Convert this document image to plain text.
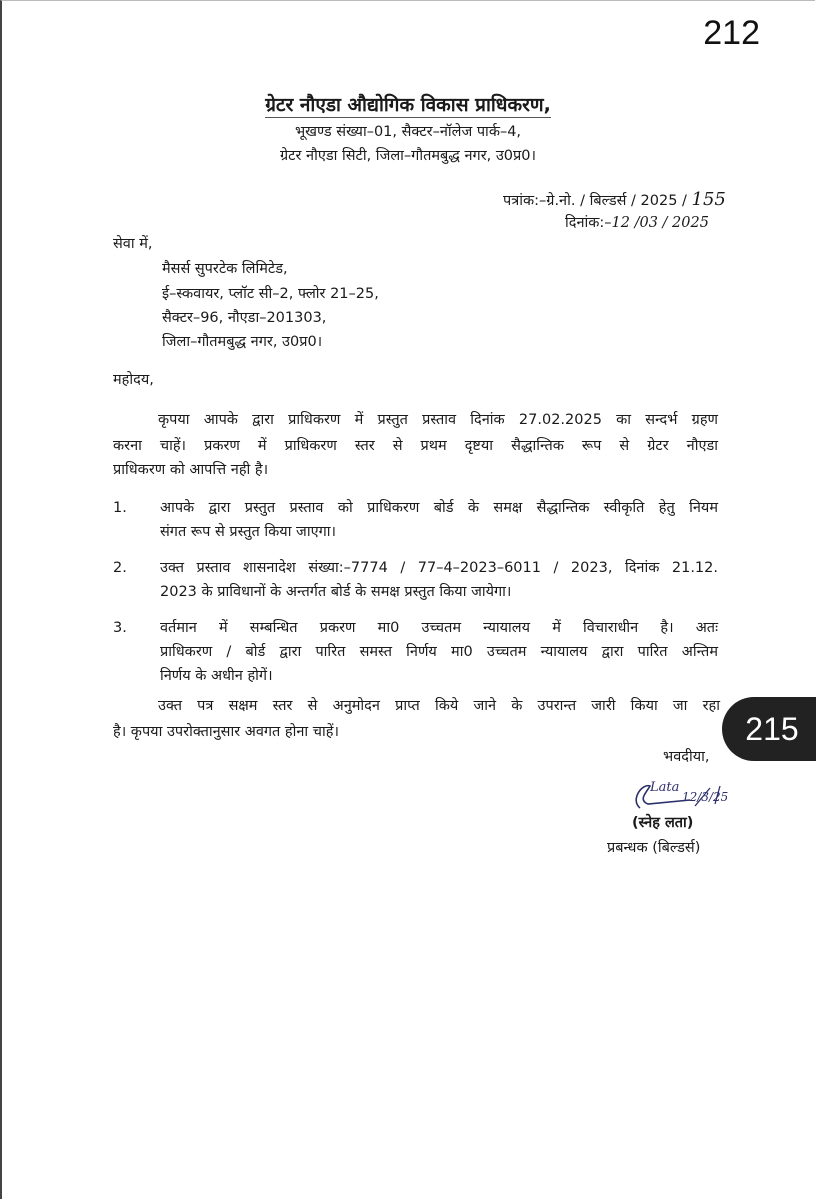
212
ग्रेटर नौएडा औद्योगिक विकास प्राधिकरण,
भूखण्ड संख्या–01, सैक्टर–नॉलेज पार्क–4,
ग्रेटर नौएडा सिटी, जिला–गौतमबुद्ध नगर, उ0प्र0।
पत्रांक:–ग्रे.नो. / बिल्डर्स / 2025 / 155
दिनांक:–12 /03 / 2025
सेवा में,
मैसर्स सुपरटेक लिमिटेड,
ई–स्कवायर, प्लॉट सी–2, फ्लोर 21–25,
सैक्टर–96, नौएडा–201303,
जिला–गौतमबुद्ध नगर, उ0प्र0।
महोदय,
कृपया आपके द्वारा प्राधिकरण में प्रस्तुत प्रस्ताव दिनांक 27.02.2025 का सन्दर्भ ग्रहण
करना चाहें। प्रकरण में प्राधिकरण स्तर से प्रथम दृष्टया सैद्धान्तिक रूप से ग्रेटर नौएडा
प्राधिकरण को आपत्ति नही है।
1. आपके द्वारा प्रस्तुत प्रस्ताव को प्राधिकरण बोर्ड के समक्ष सैद्धान्तिक स्वीकृति हेतु नियम
संगत रूप से प्रस्तुत किया जाएगा।
2. उक्त प्रस्ताव शासनादेश संख्या:–7774 / 77–4–2023–6011 / 2023, दिनांक 21.12.
2023 के प्राविधानों के अन्तर्गत बोर्ड के समक्ष प्रस्तुत किया जायेगा।
3. वर्तमान में सम्बन्धित प्रकरण मा0 उच्चतम न्यायालय में विचाराधीन है। अतः
प्राधिकरण / बोर्ड द्वारा पारित समस्त निर्णय मा0 उच्चतम न्यायालय द्वारा पारित अन्तिम
निर्णय के अधीन होगें।
उक्त पत्र सक्षम स्तर से अनुमोदन प्राप्त किये जाने के उपरान्त जारी किया जा रहा
है। कृपया उपरोक्तानुसार अवगत होना चाहें।	215
भवदीया,
Lata
12/3/25
(स्नेह लता)
प्रबन्धक (बिल्डर्स)
